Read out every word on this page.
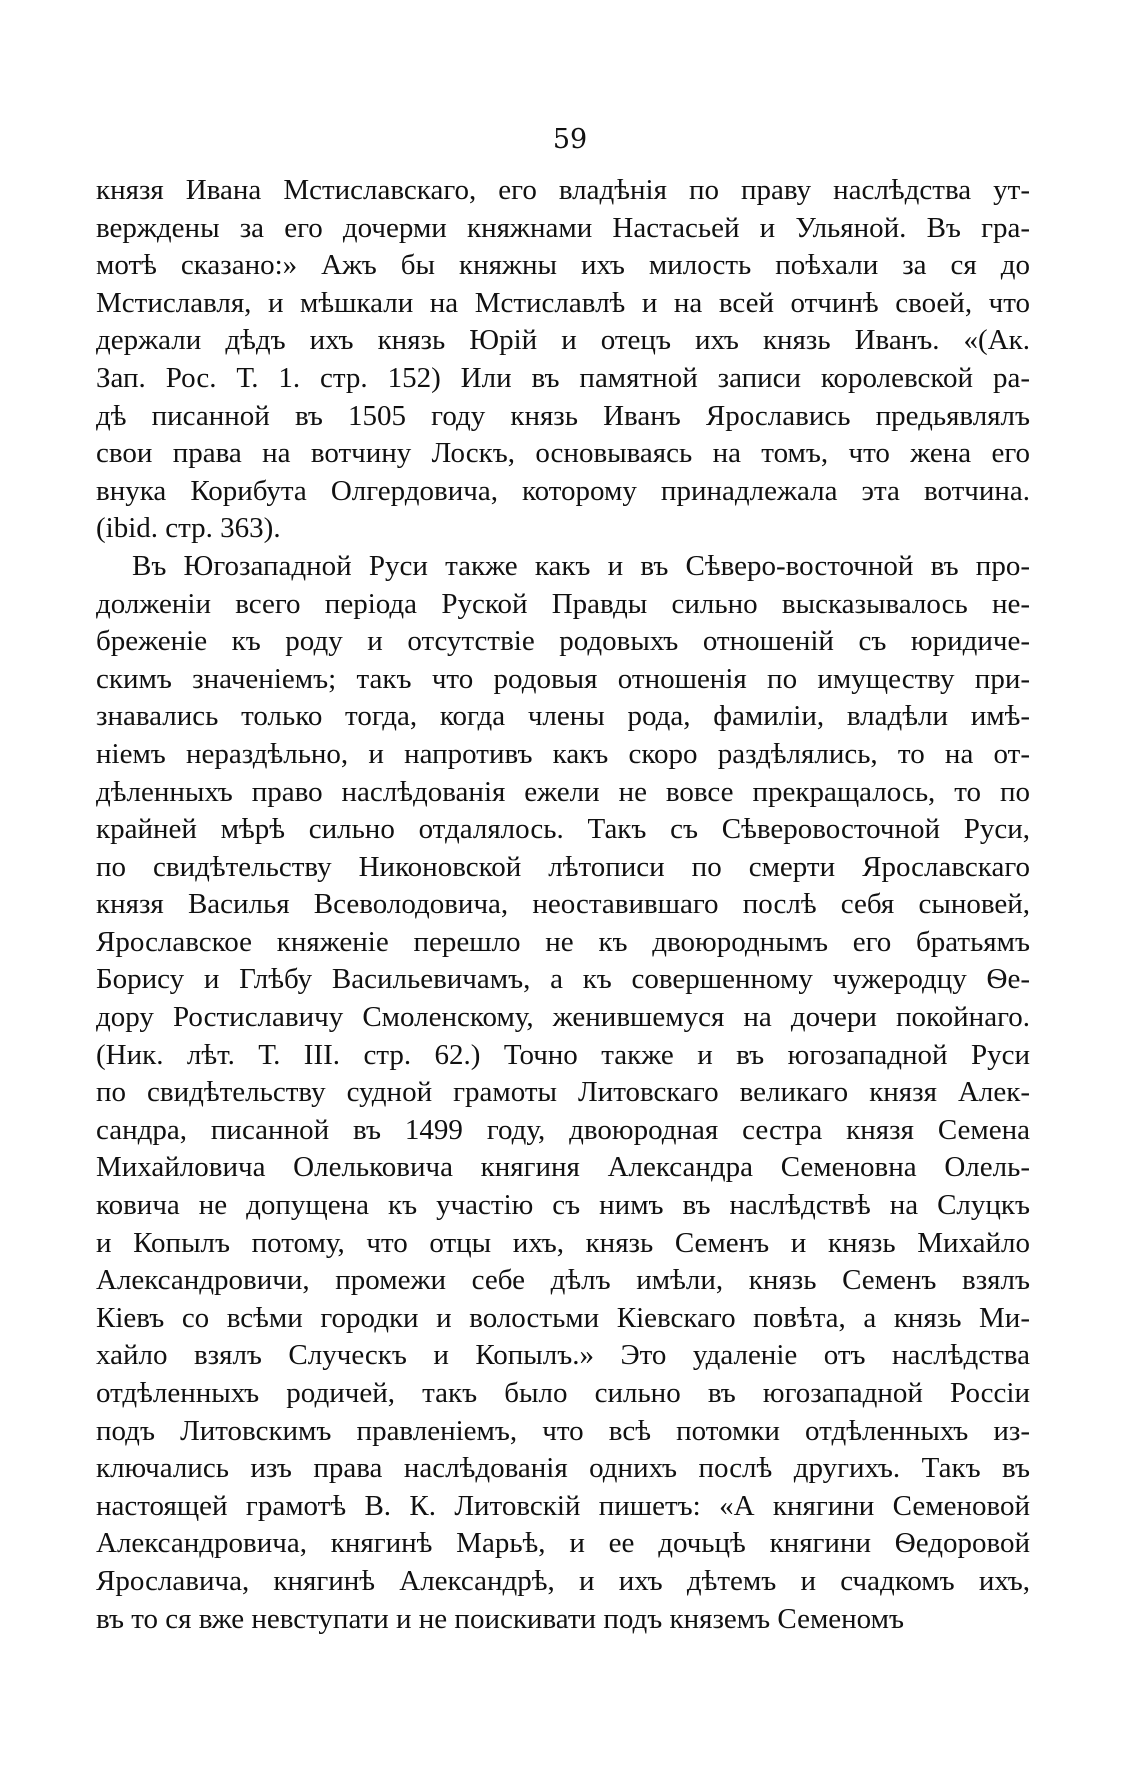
59
князя Ивана Мстиславскаго, его владѣнія по праву наслѣдства ут-
верждены за его дочерми княжнами Настасьей и Ульяной. Въ гра-
мотѣ сказано:» Ажъ бы княжны ихъ милость поѣхали за ся до
Мстиславля, и мѣшкали на Мстиславлѣ и на всей отчинѣ своей, что
держали дѣдъ ихъ князь Юрій и отецъ ихъ князь Иванъ. «(Ак.
Зап. Рос. Т. 1. стр. 152) Или въ памятной записи королевской ра-
дѣ писанной въ 1505 году князь Иванъ Ярославись предьявлялъ
свои права на вотчину Лоскъ, основываясь на томъ, что жена его
внука Корибута Олгердовича, которому принадлежала эта вотчина.
(ibid. стр. 363).
Въ Югозападной Руси также какъ и въ Сѣверо-восточной въ про-
долженіи всего періода Руской Правды сильно высказывалось не-
бреженіе къ роду и отсутствіе родовыхъ отношеній съ юридиче-
скимъ значеніемъ; такъ что родовыя отношенія по имуществу при-
знавались только тогда, когда члены рода, фамиліи, владѣли имѣ-
ніемъ нераздѣльно, и напротивъ какъ скоро раздѣлялись, то на от-
дѣленныхъ право наслѣдованія ежели не вовсе прекращалось, то по
крайней мѣрѣ сильно отдалялось. Такъ съ Сѣверовосточной Руси,
по свидѣтельству Никоновской лѣтописи по смерти Ярославскаго
князя Василья Всеволодовича, неоставившаго послѣ себя сыновей,
Ярославское княженіе перешло не къ двоюроднымъ его братьямъ
Борису и Глѣбу Васильевичамъ, а къ совершенному чужеродцу Ѳе-
дору Ростиславичу Смоленскому, женившемуся на дочери покойнаго.
(Ник. лѣт. Т. III. стр. 62.) Точно также и въ югозападной Руси
по свидѣтельству судной грамоты Литовскаго великаго князя Алек-
сандра, писанной въ 1499 году, двоюродная сестра князя Семена
Михайловича Олельковича княгиня Александра Семеновна Олель-
ковича не допущена къ участію съ нимъ въ наслѣдствѣ на Слуцкъ
и Копылъ потому, что отцы ихъ, князь Семенъ и князь Михайло
Александровичи, промежи себе дѣлъ имѣли, князь Семенъ взялъ
Кіевъ со всѣми городки и волостьми Кіевскаго повѣта, а князь Ми-
хайло взялъ Случескъ и Копылъ.» Это удаленіе отъ наслѣдства
отдѣленныхъ родичей, такъ было сильно въ югозападной Россіи
подъ Литовскимъ правленіемъ, что всѣ потомки отдѣленныхъ из-
ключались изъ права наслѣдованія однихъ послѣ другихъ. Такъ въ
настоящей грамотѣ В. К. Литовскій пишетъ: «А княгини Семеновой
Александровича, княгинѣ Марьѣ, и ее дочьцѣ княгини Ѳедоровой
Ярославича, княгинѣ Александрѣ, и ихъ дѣтемъ и счадкомъ ихъ,
въ то ся вже невступати и не поискивати подъ княземъ Семеномъ
